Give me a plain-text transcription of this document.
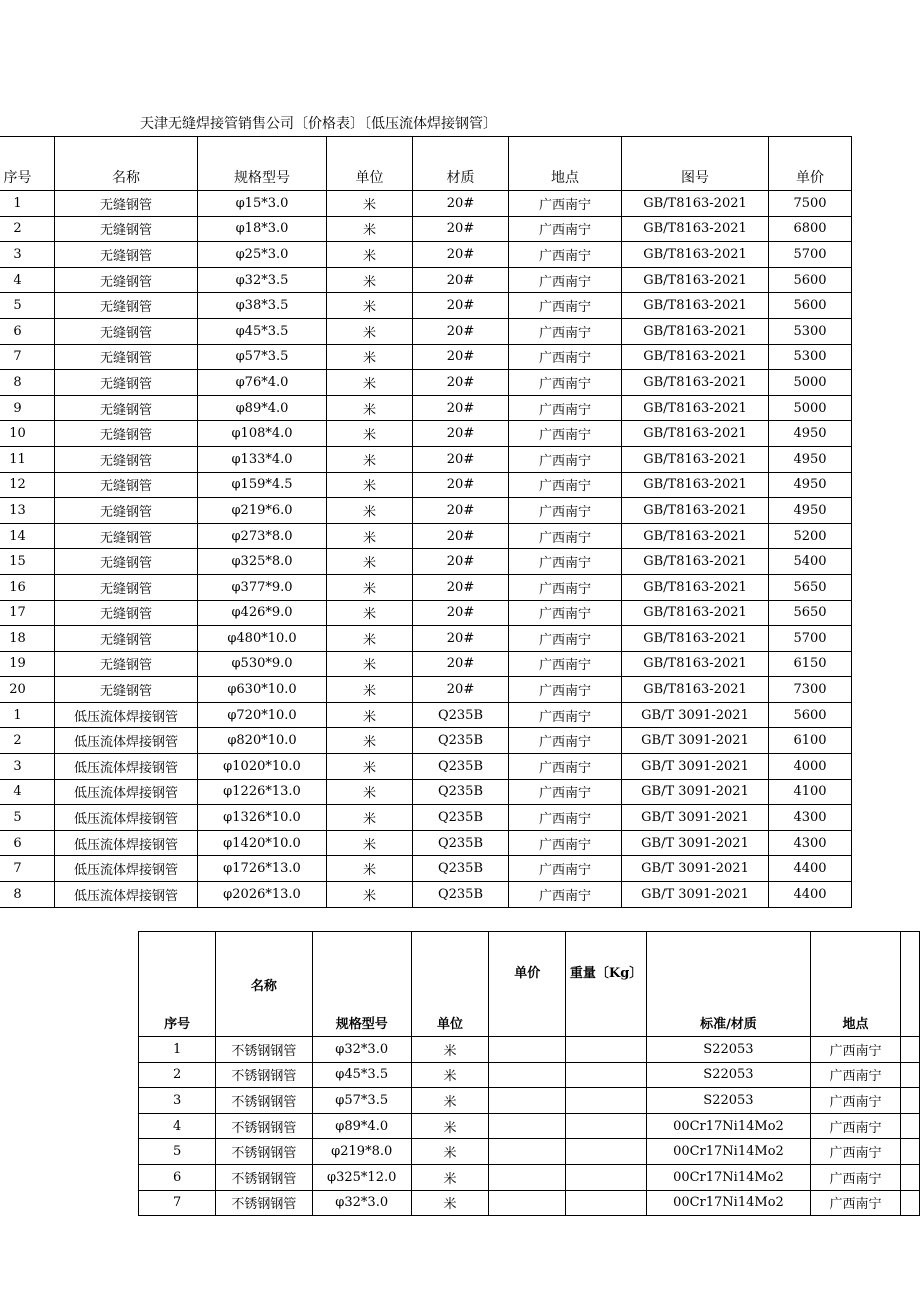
天津无缝焊接管销售公司〔价格表〕〔低压流体焊接钢管〕
序号	名称	规格型号	单位	材质	地点	图号	单价
1	无缝钢管	φ15*3.0	米	20#	广西南宁	GB/T8163-2021	7500
2	无缝钢管	φ18*3.0	米	20#	广西南宁	GB/T8163-2021	6800
3	无缝钢管	φ25*3.0	米	20#	广西南宁	GB/T8163-2021	5700
4	无缝钢管	φ32*3.5	米	20#	广西南宁	GB/T8163-2021	5600
5	无缝钢管	φ38*3.5	米	20#	广西南宁	GB/T8163-2021	5600
6	无缝钢管	φ45*3.5	米	20#	广西南宁	GB/T8163-2021	5300
7	无缝钢管	φ57*3.5	米	20#	广西南宁	GB/T8163-2021	5300
8	无缝钢管	φ76*4.0	米	20#	广西南宁	GB/T8163-2021	5000
9	无缝钢管	φ89*4.0	米	20#	广西南宁	GB/T8163-2021	5000
10	无缝钢管	φ108*4.0	米	20#	广西南宁	GB/T8163-2021	4950
11	无缝钢管	φ133*4.0	米	20#	广西南宁	GB/T8163-2021	4950
12	无缝钢管	φ159*4.5	米	20#	广西南宁	GB/T8163-2021	4950
13	无缝钢管	φ219*6.0	米	20#	广西南宁	GB/T8163-2021	4950
14	无缝钢管	φ273*8.0	米	20#	广西南宁	GB/T8163-2021	5200
15	无缝钢管	φ325*8.0	米	20#	广西南宁	GB/T8163-2021	5400
16	无缝钢管	φ377*9.0	米	20#	广西南宁	GB/T8163-2021	5650
17	无缝钢管	φ426*9.0	米	20#	广西南宁	GB/T8163-2021	5650
18	无缝钢管	φ480*10.0	米	20#	广西南宁	GB/T8163-2021	5700
19	无缝钢管	φ530*9.0	米	20#	广西南宁	GB/T8163-2021	6150
20	无缝钢管	φ630*10.0	米	20#	广西南宁	GB/T8163-2021	7300
1	低压流体焊接钢管	φ720*10.0	米	Q235B	广西南宁	GB/T 3091-2021	5600
2	低压流体焊接钢管	φ820*10.0	米	Q235B	广西南宁	GB/T 3091-2021	6100
3	低压流体焊接钢管	φ1020*10.0	米	Q235B	广西南宁	GB/T 3091-2021	4000
4	低压流体焊接钢管	φ1226*13.0	米	Q235B	广西南宁	GB/T 3091-2021	4100
5	低压流体焊接钢管	φ1326*10.0	米	Q235B	广西南宁	GB/T 3091-2021	4300
6	低压流体焊接钢管	φ1420*10.0	米	Q235B	广西南宁	GB/T 3091-2021	4300
7	低压流体焊接钢管	φ1726*13.0	米	Q235B	广西南宁	GB/T 3091-2021	4400
8	低压流体焊接钢管	φ2026*13.0	米	Q235B	广西南宁	GB/T 3091-2021	4400
序号	名称	规格型号	单位	单价	重量〔Kg〕	标准/材质	地点	
1	不锈钢钢管	φ32*3.0	米			S22053	广西南宁	
2	不锈钢钢管	φ45*3.5	米			S22053	广西南宁	
3	不锈钢钢管	φ57*3.5	米			S22053	广西南宁	
4	不锈钢钢管	φ89*4.0	米			00Cr17Ni14Mo2	广西南宁	
5	不锈钢钢管	φ219*8.0	米			00Cr17Ni14Mo2	广西南宁	
6	不锈钢钢管	φ325*12.0	米			00Cr17Ni14Mo2	广西南宁	
7	不锈钢钢管	φ32*3.0	米			00Cr17Ni14Mo2	广西南宁	
